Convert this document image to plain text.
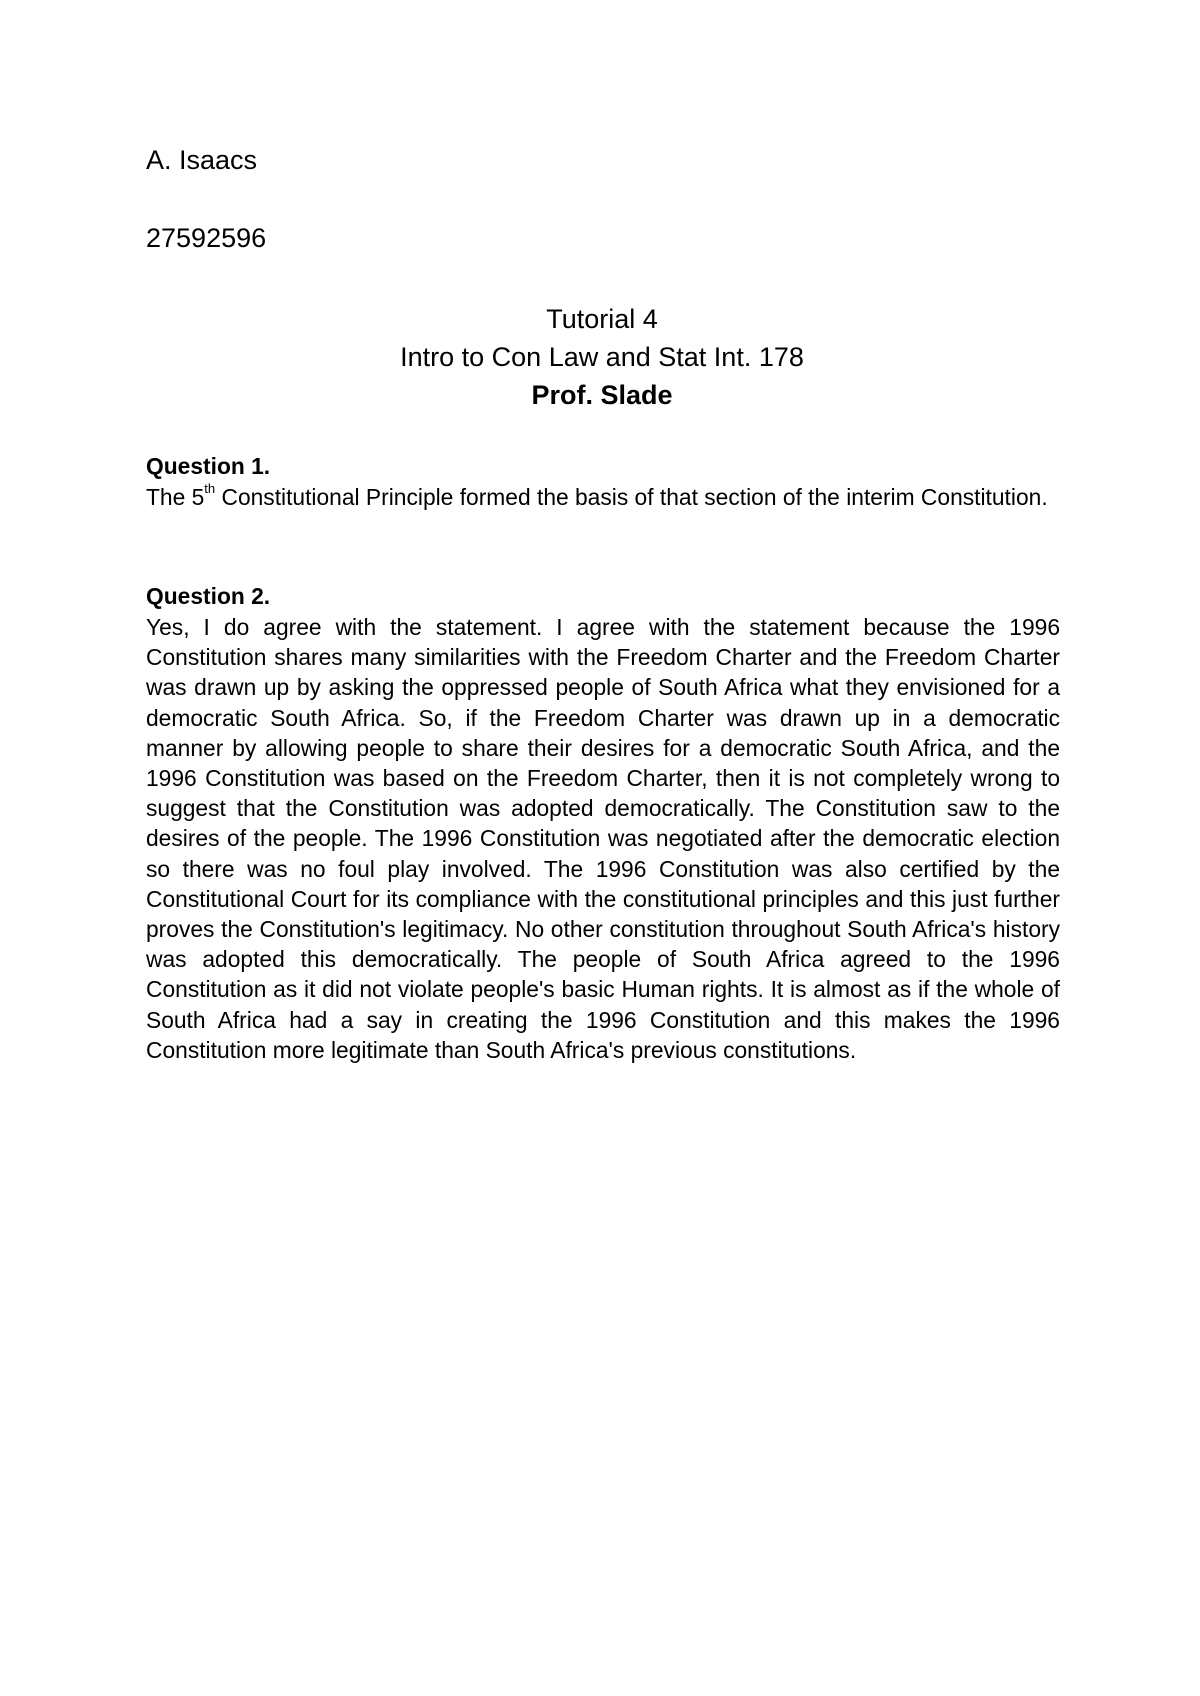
A. Isaacs

27592596

Tutorial 4
Intro to Con Law and Stat Int. 178
Prof. Slade

Question 1.

The 5th Constitutional Principle formed the basis of that section of the interim Constitution.

Question 2.

Yes, I do agree with the statement. I agree with the statement because the 1996 Constitution shares many similarities with the Freedom Charter and the Freedom Charter was drawn up by asking the oppressed people of South Africa what they envisioned for a democratic South Africa. So, if the Freedom Charter was drawn up in a democratic manner by allowing people to share their desires for a democratic South Africa, and the 1996 Constitution was based on the Freedom Charter, then it is not completely wrong to suggest that the Constitution was adopted democratically. The Constitution saw to the desires of the people. The 1996 Constitution was negotiated after the democratic election so there was no foul play involved. The 1996 Constitution was also certified by the Constitutional Court for its compliance with the constitutional principles and this just further proves the Constitution's legitimacy. No other constitution throughout South Africa's history was adopted this democratically. The people of South Africa agreed to the 1996 Constitution as it did not violate people's basic Human rights. It is almost as if the whole of South Africa had a say in creating the 1996 Constitution and this makes the 1996 Constitution more legitimate than South Africa's previous constitutions.
